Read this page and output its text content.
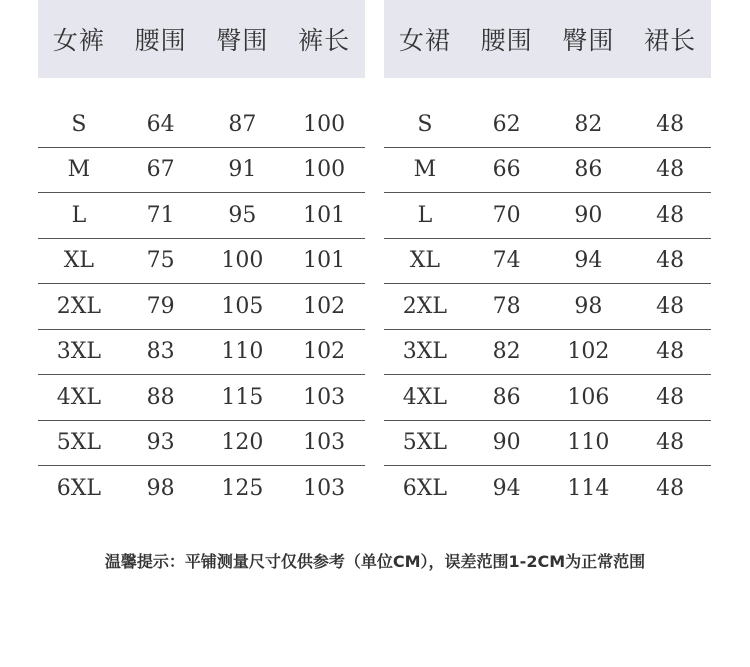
女裤	腰围	臀围	裤长
S	64	87	100
M	67	91	100
L	71	95	101
XL	75	100	101
2XL	79	105	102
3XL	83	110	102
4XL	88	115	103
5XL	93	120	103
6XL	98	125	103
女裙	腰围	臀围	裙长
S	62	82	48
M	66	86	48
L	70	90	48
XL	74	94	48
2XL	78	98	48
3XL	82	102	48
4XL	86	106	48
5XL	90	110	48
6XL	94	114	48
温馨提示：平铺测量尺寸仅供参考（单位CM），误差范围1-2CM为正常范围
